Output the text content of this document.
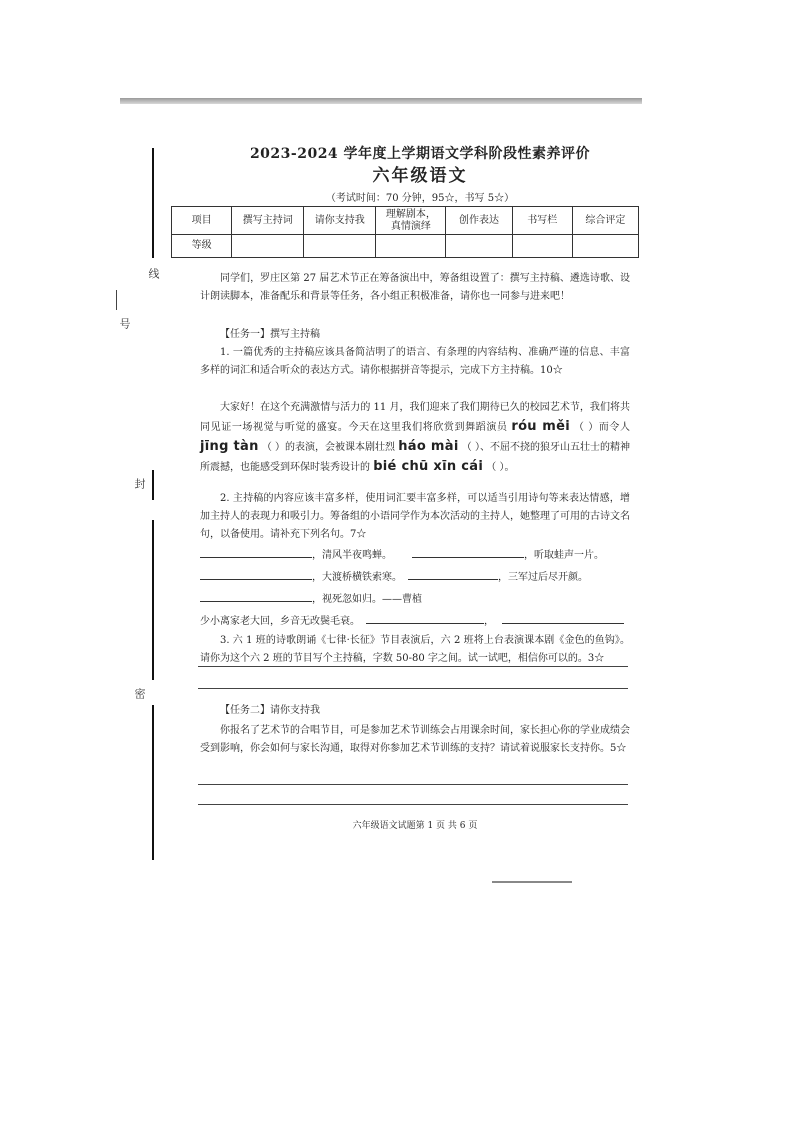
号
线
封
密
2023-2024 学年度上学期语文学科阶段性素养评价
六年级语文
（考试时间：70 分钟，95☆，书写 5☆）
项目	撰写主持词	请你支持我	理解剧本，
真情演绎	创作表达	书写栏	综合评定
等级						
同学们，罗庄区第 27 届艺术节正在筹备演出中，筹备组设置了：撰写主持稿、遴选诗歌、设计朗读脚本，准备配乐和背景等任务，各小组正积极准备，请你也一同参与进来吧！
【任务一】撰写主持稿
1. 一篇优秀的主持稿应该具备简洁明了的语言、有条理的内容结构、准确严谨的信息、丰富多样的词汇和适合听众的表达方式。请你根据拼音等提示，完成下方主持稿。10☆
大家好！在这个充满激情与活力的 11 月，我们迎来了我们期待已久的校园艺术节，我们将共同见证一场视觉与听觉的盛宴。今天在这里我们将欣赏到舞蹈演员 róu měi （ ）而令人 jīng tàn （ ）的表演，会被课本剧壮烈 háo mài （ ）、不屈不挠的狼牙山五壮士的精神所震撼，也能感受到环保时装秀设计的 bié chū xīn cái （ ）。
2. 主持稿的内容应该丰富多样，使用词汇要丰富多样，可以适当引用诗句等来表达情感，增加主持人的表现力和吸引力。筹备组的小语同学作为本次活动的主持人，她整理了可用的古诗文名句，以备使用。请补充下列名句。7☆
，清风半夜鸣蝉。	，听取蛙声一片。
，大渡桥横铁索寒。	，三军过后尽开颜。
，视死忽如归。——曹植
少小离家老大回，乡音无改鬓毛衰。	，
3. 六 1 班的诗歌朗诵《七律·长征》节目表演后，六 2 班将上台表演课本剧《金色的鱼钩》。请你为这个六 2 班的节目写个主持稿，字数 50-80 字之间。试一试吧，相信你可以的。3☆
【任务二】请你支持我
你报名了艺术节的合唱节目，可是参加艺术节训练会占用课余时间，家长担心你的学业成绩会受到影响，你会如何与家长沟通，取得对你参加艺术节训练的支持？请试着说服家长支持你。5☆
六年级语文试题第 1 页 共 6 页
